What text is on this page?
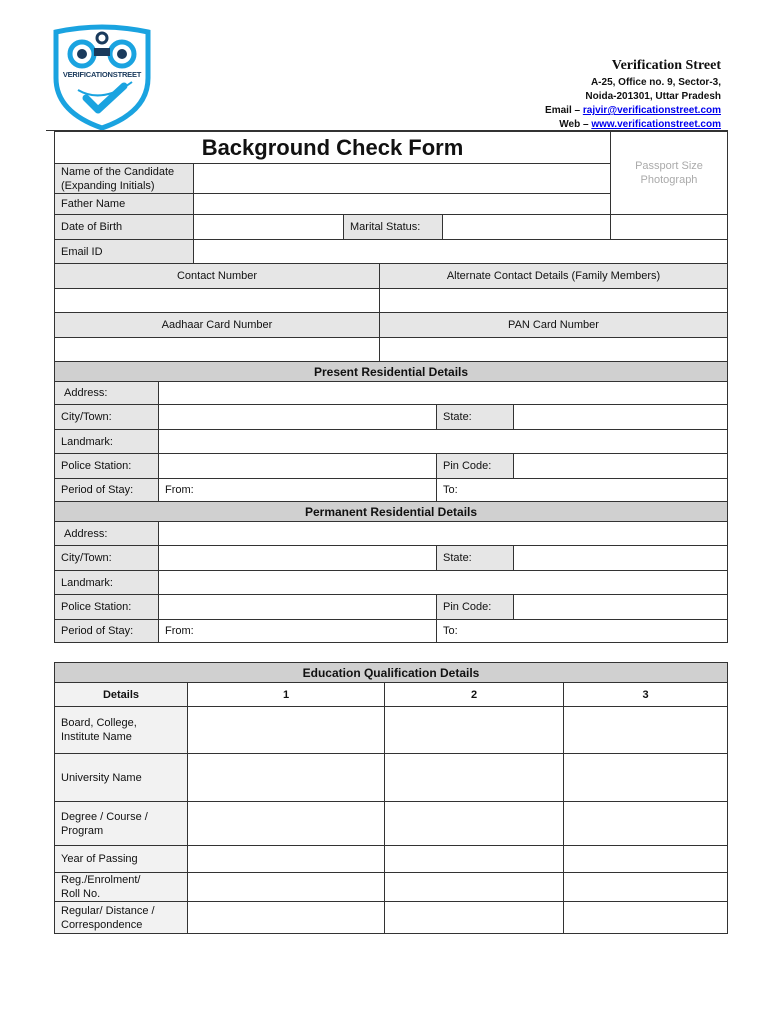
VERIFICATIONSTREET
Verification Street
A-25, Office no. 9, Sector-3,
Noida-201301, Uttar Pradesh
Email – rajvir@verificationstreet.com
Web – www.verificationstreet.com
Background Check Form
Passport Size
Photograph
Name of the Candidate
(Expanding Initials)
Father Name
Date of Birth	Marital Status:
Email ID
Contact Number	Alternate Contact Details (Family Members)
Aadhaar Card Number	PAN Card Number
Present Residential Details
Address:
City/Town:	State:
Landmark:
Police Station:	Pin Code:
Period of Stay:	From:	To:
Permanent Residential Details
Address:
City/Town:	State:
Landmark:
Police Station:	Pin Code:
Period of Stay:	From:	To:
Education Qualification Details
Details	1	2	3
Board, College,
Institute Name
University Name
Degree / Course /
Program
Year of Passing
Reg./Enrolment/
Roll No.
Regular/ Distance /
Correspondence
